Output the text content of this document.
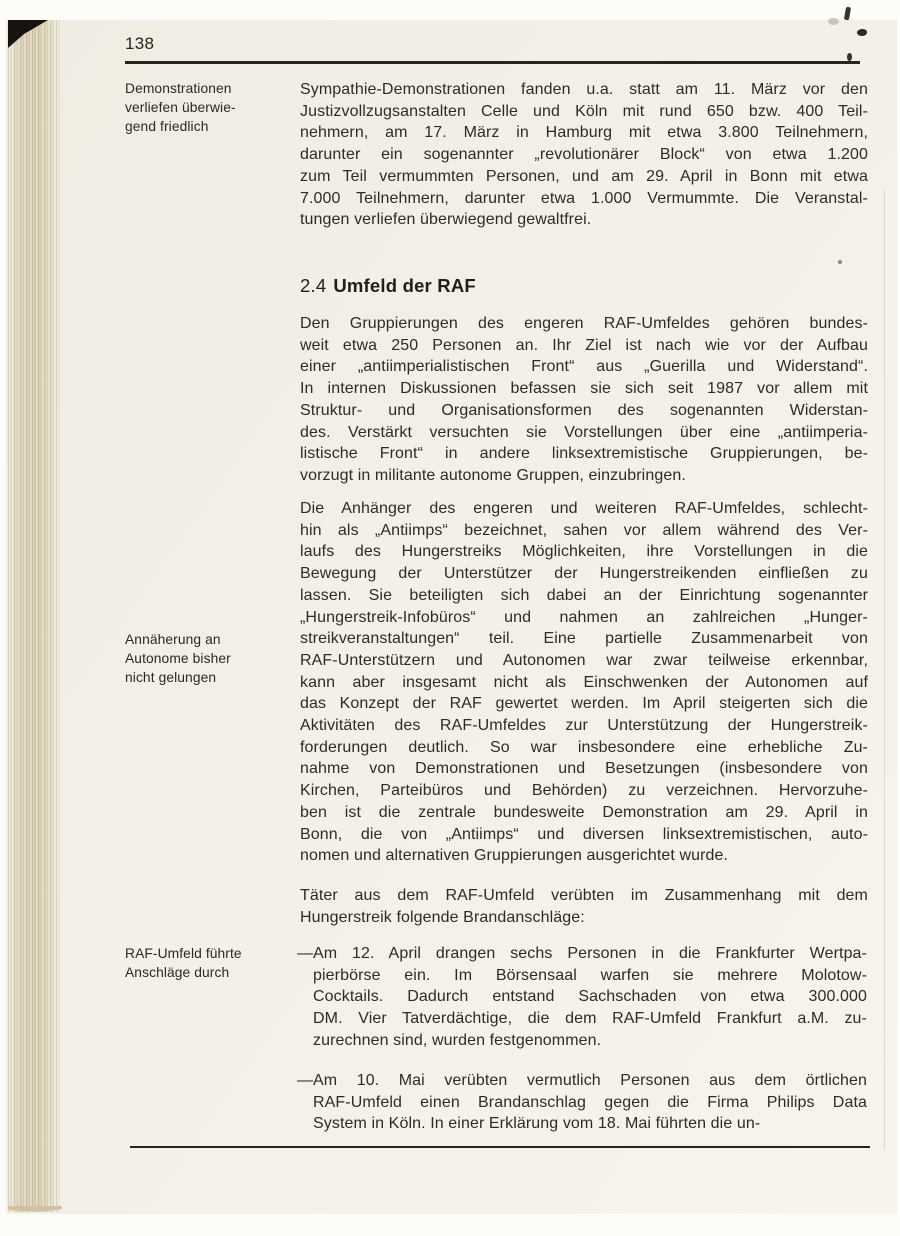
138
Demonstrationen
verliefen überwie-
gend friedlich
Annäherung an
Autonome bisher
nicht gelungen
RAF-Umfeld führte
Anschläge durch
Sympathie-Demonstrationen fanden u.a. statt am 11. März vor den
Justizvollzugsanstalten Celle und Köln mit rund 650 bzw. 400 Teil-
nehmern, am 17. März in Hamburg mit etwa 3.800 Teilnehmern,
darunter ein sogenannter „revolutionärer Block“ von etwa 1.200
zum Teil vermummten Personen, und am 29. April in Bonn mit etwa
7.000 Teilnehmern, darunter etwa 1.000 Vermummte. Die Veranstal-
tungen verliefen überwiegend gewaltfrei.
2.4 Umfeld der RAF
Den Gruppierungen des engeren RAF-Umfeldes gehören bundes-
weit etwa 250 Personen an. Ihr Ziel ist nach wie vor der Aufbau
einer „antiimperialistischen Front“ aus „Guerilla und Widerstand“.
In internen Diskussionen befassen sie sich seit 1987 vor allem mit
Struktur- und Organisationsformen des sogenannten Widerstan-
des. Verstärkt versuchten sie Vorstellungen über eine „antiimperia-
listische Front“ in andere linksextremistische Gruppierungen, be-
vorzugt in militante autonome Gruppen, einzubringen.
Die Anhänger des engeren und weiteren RAF-Umfeldes, schlecht-
hin als „Antiimps“ bezeichnet, sahen vor allem während des Ver-
laufs des Hungerstreiks Möglichkeiten, ihre Vorstellungen in die
Bewegung der Unterstützer der Hungerstreikenden einfließen zu
lassen. Sie beteiligten sich dabei an der Einrichtung sogenannter
„Hungerstreik-Infobüros“ und nahmen an zahlreichen „Hunger-
streikveranstaltungen“ teil. Eine partielle Zusammenarbeit von
RAF-Unterstützern und Autonomen war zwar teilweise erkennbar,
kann aber insgesamt nicht als Einschwenken der Autonomen auf
das Konzept der RAF gewertet werden. Im April steigerten sich die
Aktivitäten des RAF-Umfeldes zur Unterstützung der Hungerstreik-
forderungen deutlich. So war insbesondere eine erhebliche Zu-
nahme von Demonstrationen und Besetzungen (insbesondere von
Kirchen, Parteibüros und Behörden) zu verzeichnen. Hervorzuhe-
ben ist die zentrale bundesweite Demonstration am 29. April in
Bonn, die von „Antiimps“ und diversen linksextremistischen, auto-
nomen und alternativen Gruppierungen ausgerichtet wurde.
Täter aus dem RAF-Umfeld verübten im Zusammenhang mit dem
Hungerstreik folgende Brandanschläge:
— Am 12. April drangen sechs Personen in die Frankfurter Wertpa-
pierbörse ein. Im Börsensaal warfen sie mehrere Molotow-
Cocktails. Dadurch entstand Sachschaden von etwa 300.000
DM. Vier Tatverdächtige, die dem RAF-Umfeld Frankfurt a.M. zu-
zurechnen sind, wurden festgenommen.
— Am 10. Mai verübten vermutlich Personen aus dem örtlichen
RAF-Umfeld einen Brandanschlag gegen die Firma Philips Data
System in Köln. In einer Erklärung vom 18. Mai führten die un-
